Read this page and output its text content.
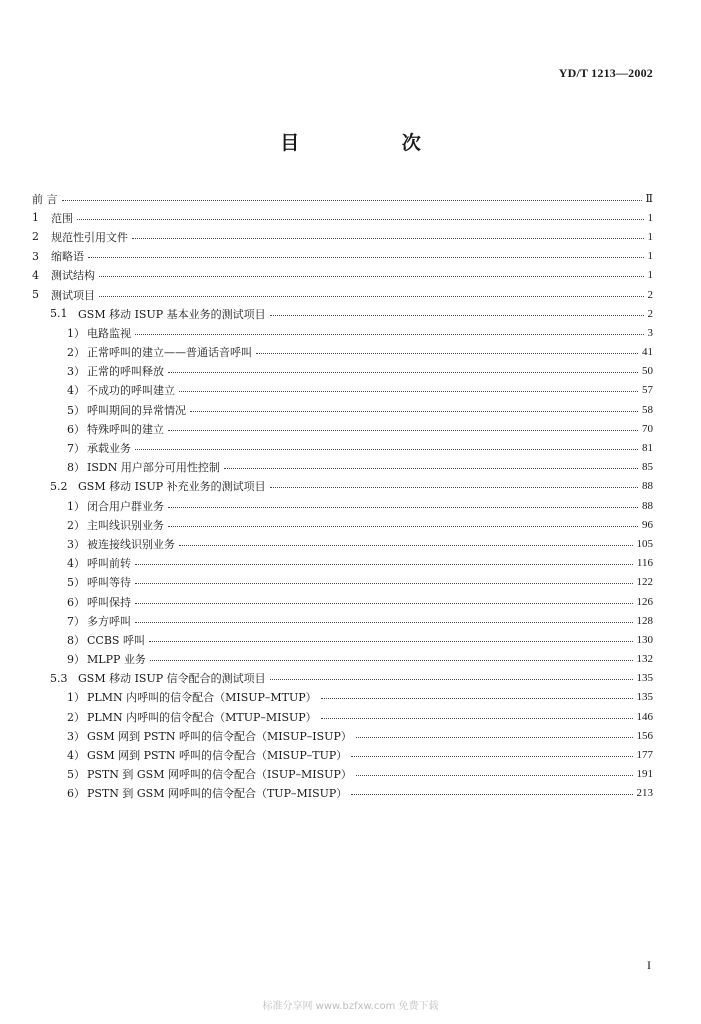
YD/T 1213—2002
目 次
前 言	Ⅱ
1	范围	1
2	规范性引用文件	1
3	缩略语	1
4	测试结构	1
5	测试项目	2
5.1 GSM 移动 ISUP 基本业务的测试项目	2
1） 电路监视	3
2） 正常呼叫的建立——普通话音呼叫	41
3） 正常的呼叫释放	50
4） 不成功的呼叫建立	57
5） 呼叫期间的异常情况	58
6） 特殊呼叫的建立	70
7） 承载业务	81
8） ISDN 用户部分可用性控制	85
5.2 GSM 移动 ISUP 补充业务的测试项目	88
1） 闭合用户群业务	88
2） 主叫线识别业务	96
3） 被连接线识别业务	105
4） 呼叫前转	116
5） 呼叫等待	122
6） 呼叫保持	126
7） 多方呼叫	128
8） CCBS 呼叫	130
9） MLPP 业务	132
5.3 GSM 移动 ISUP 信令配合的测试项目	135
1） PLMN 内呼叫的信令配合（MISUP–MTUP）	135
2） PLMN 内呼叫的信令配合（MTUP–MISUP）	146
3） GSM 网到 PSTN 呼叫的信令配合（MISUP–ISUP）	156
4） GSM 网到 PSTN 呼叫的信令配合（MISUP–TUP）	177
5） PSTN 到 GSM 网呼叫的信令配合（ISUP–MISUP）	191
6） PSTN 到 GSM 网呼叫的信令配合（TUP–MISUP）	213
I
标准分享网 www.bzfxw.com 免费下载
